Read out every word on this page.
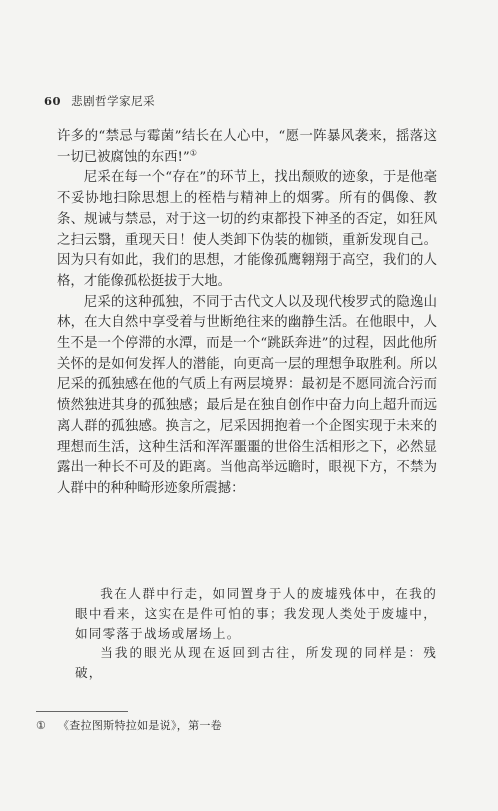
60 悲剧哲学家尼采

许多的“禁忌与霉菌”结长在人心中，“愿一阵暴风袭来，摇落这一切已被腐蚀的东西!”①

尼采在每一个“存在”的环节上，找出颓败的迹象，于是他毫不妥协地扫除思想上的桎梏与精神上的烟雾。所有的偶像、教条、规诫与禁忌，对于这一切的约束都投下神圣的否定，如狂风之扫云翳，重现天日！使人类卸下伪装的枷锁，重新发现自己。因为只有如此，我们的思想，才能像孤鹰翱翔于高空，我们的人格，才能像孤松挺拔于大地。

尼采的这种孤独，不同于古代文人以及现代梭罗式的隐逸山林，在大自然中享受着与世断绝往来的幽静生活。在他眼中，人生不是一个停滞的水潭，而是一个“跳跃奔进”的过程，因此他所关怀的是如何发挥人的潜能，向更高一层的理想争取胜利。所以尼采的孤独感在他的气质上有两层境界：最初是不愿同流合污而愤然独进其身的孤独感；最后是在独自创作中奋力向上超升而远离人群的孤独感。换言之，尼采因拥抱着一个企图实现于未来的理想而生活，这种生活和浑浑噩噩的世俗生活相形之下，必然显露出一种长不可及的距离。当他高举远瞻时，眼视下方，不禁为人群中的种种畸形迹象所震撼：

我在人群中行走，如同置身于人的废墟残体中，在我的眼中看来，这实在是件可怕的事；我发现人类处于废墟中，如同零落于战场或屠场上。

当我的眼光从现在返回到古往，所发现的同样是：残破，

① 《查拉图斯特拉如是说》，第一卷
